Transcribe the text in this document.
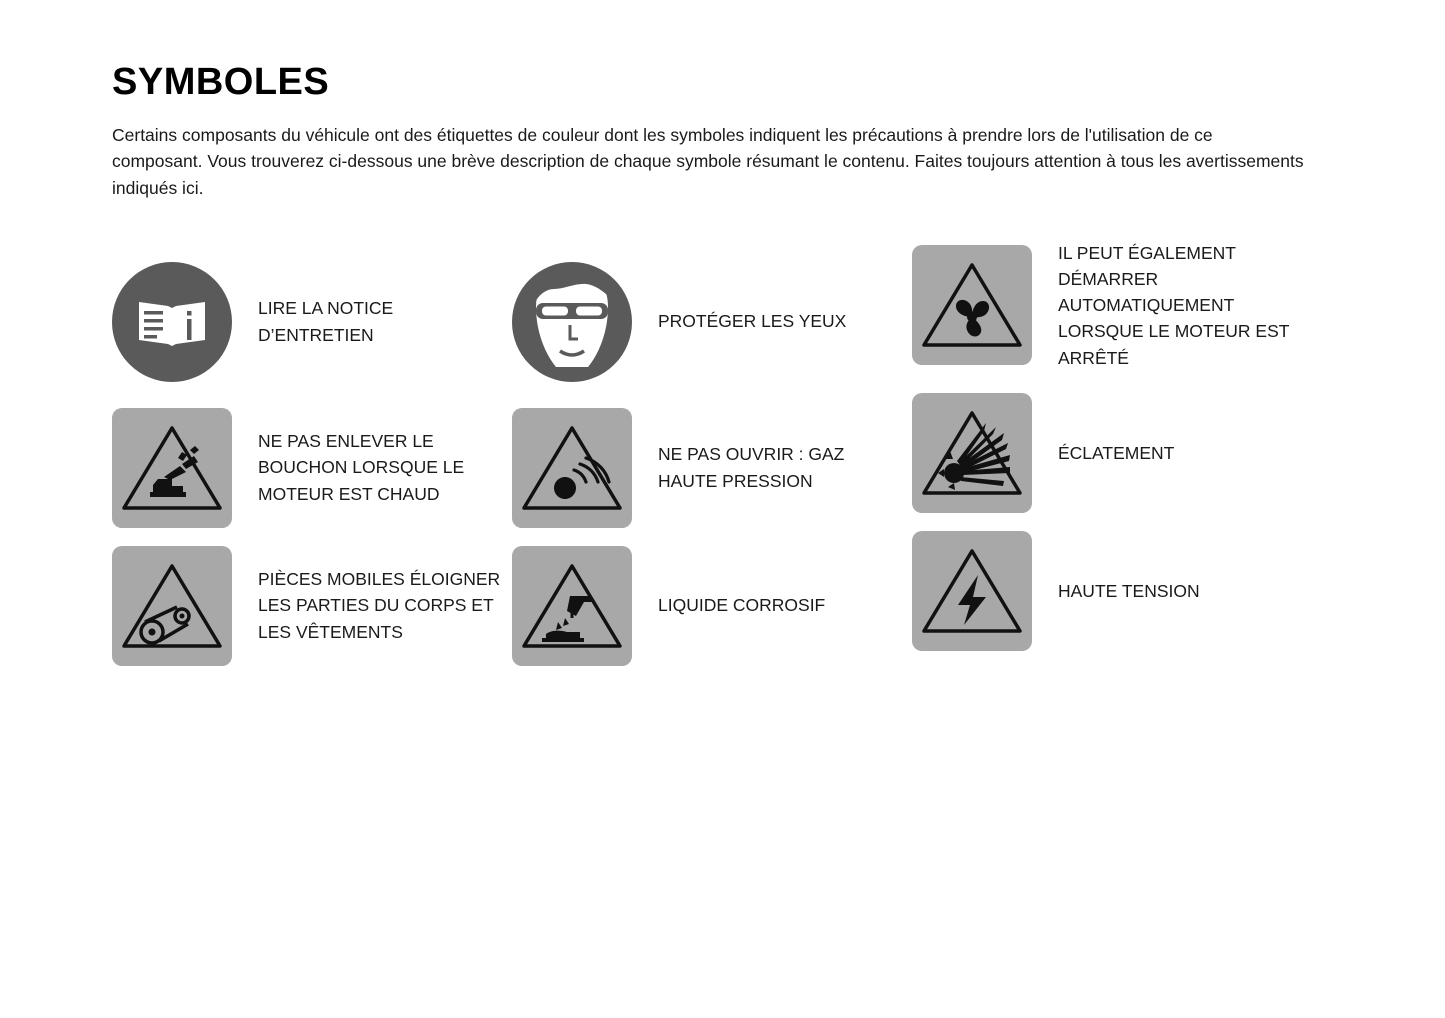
SYMBOLES

Certains composants du véhicule ont des étiquettes de couleur dont les symboles indiquent les précautions à prendre lors de l'utilisation de ce composant. Vous trouverez ci-dessous une brève description de chaque symbole résumant le contenu. Faites toujours attention à tous les avertissements indiqués ici.

LIRE LA NOTICE D’ENTRETIEN
NE PAS ENLEVER LE BOUCHON LORSQUE LE MOTEUR EST CHAUD
PIÈCES MOBILES ÉLOIGNER LES PARTIES DU CORPS ET LES VÊTEMENTS
PROTÉGER LES YEUX
NE PAS OUVRIR : GAZ HAUTE PRESSION
LIQUIDE CORROSIF
IL PEUT ÉGALEMENT DÉMARRER AUTOMATIQUEMENT LORSQUE LE MOTEUR EST ARRÊTÉ
ÉCLATEMENT
HAUTE TENSION
